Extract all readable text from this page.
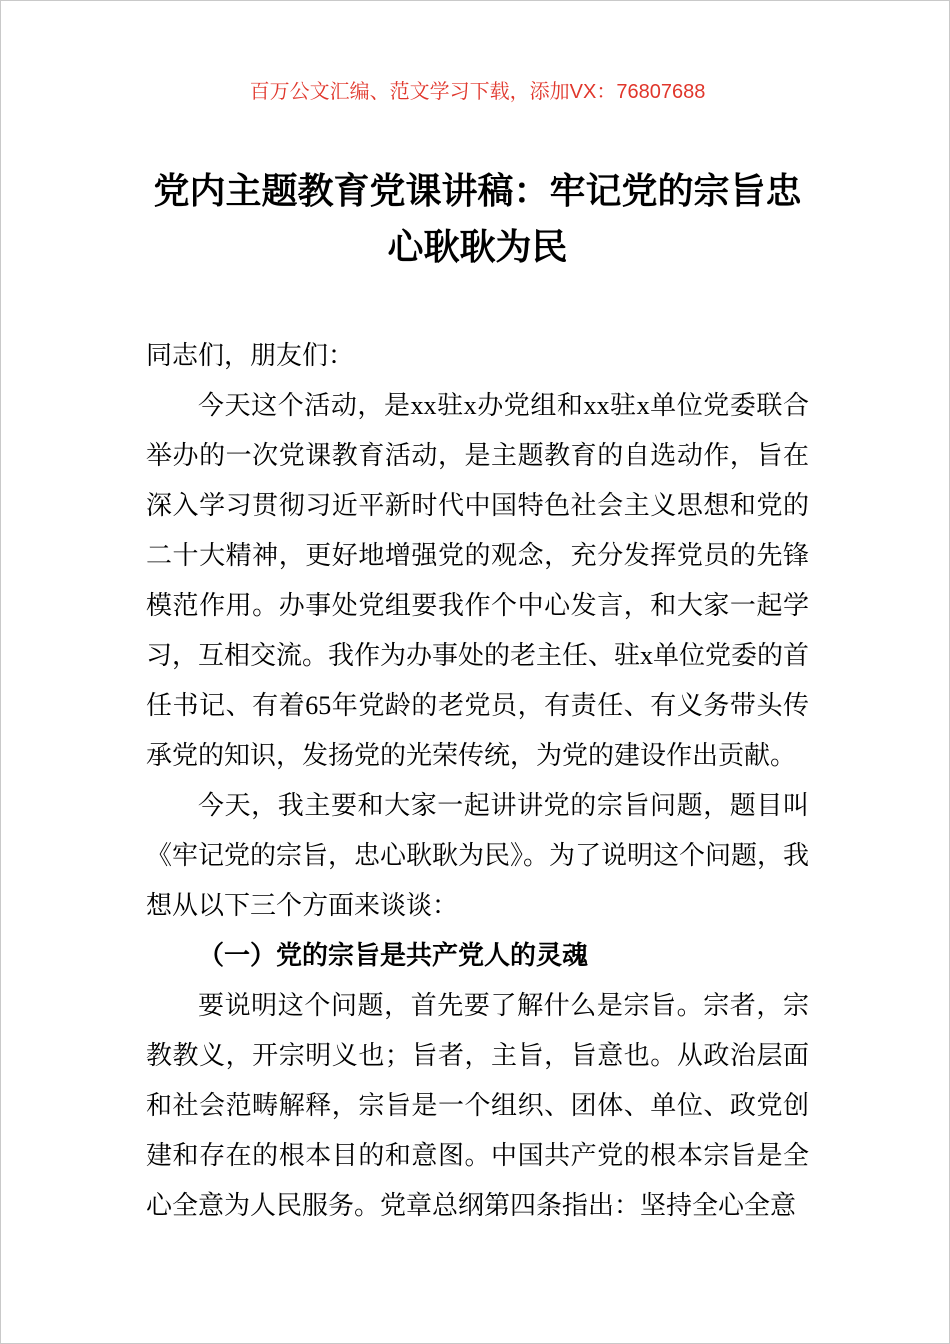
百万公文汇编、范文学习下载，添加VX：76807688
党内主题教育党课讲稿：牢记党的宗旨忠心耿耿为民

同志们，朋友们：

今天这个活动，是xx驻x办党组和xx驻x单位党委联合举办的一次党课教育活动，是主题教育的自选动作，旨在深入学习贯彻习近平新时代中国特色社会主义思想和党的二十大精神，更好地增强党的观念，充分发挥党员的先锋模范作用。办事处党组要我作个中心发言，和大家一起学习，互相交流。我作为办事处的老主任、驻x单位党委的首任书记、有着65年党龄的老党员，有责任、有义务带头传承党的知识，发扬党的光荣传统，为党的建设作出贡献。

今天，我主要和大家一起讲讲党的宗旨问题，题目叫《牢记党的宗旨，忠心耿耿为民》。为了说明这个问题，我想从以下三个方面来谈谈：

（一）党的宗旨是共产党人的灵魂

要说明这个问题，首先要了解什么是宗旨。宗者，宗教教义，开宗明义也；旨者，主旨，旨意也。从政治层面和社会范畴解释，宗旨是一个组织、团体、单位、政党创建和存在的根本目的和意图。中国共产党的根本宗旨是全心全意为人民服务。党章总纲第四条指出：坚持全心全意
